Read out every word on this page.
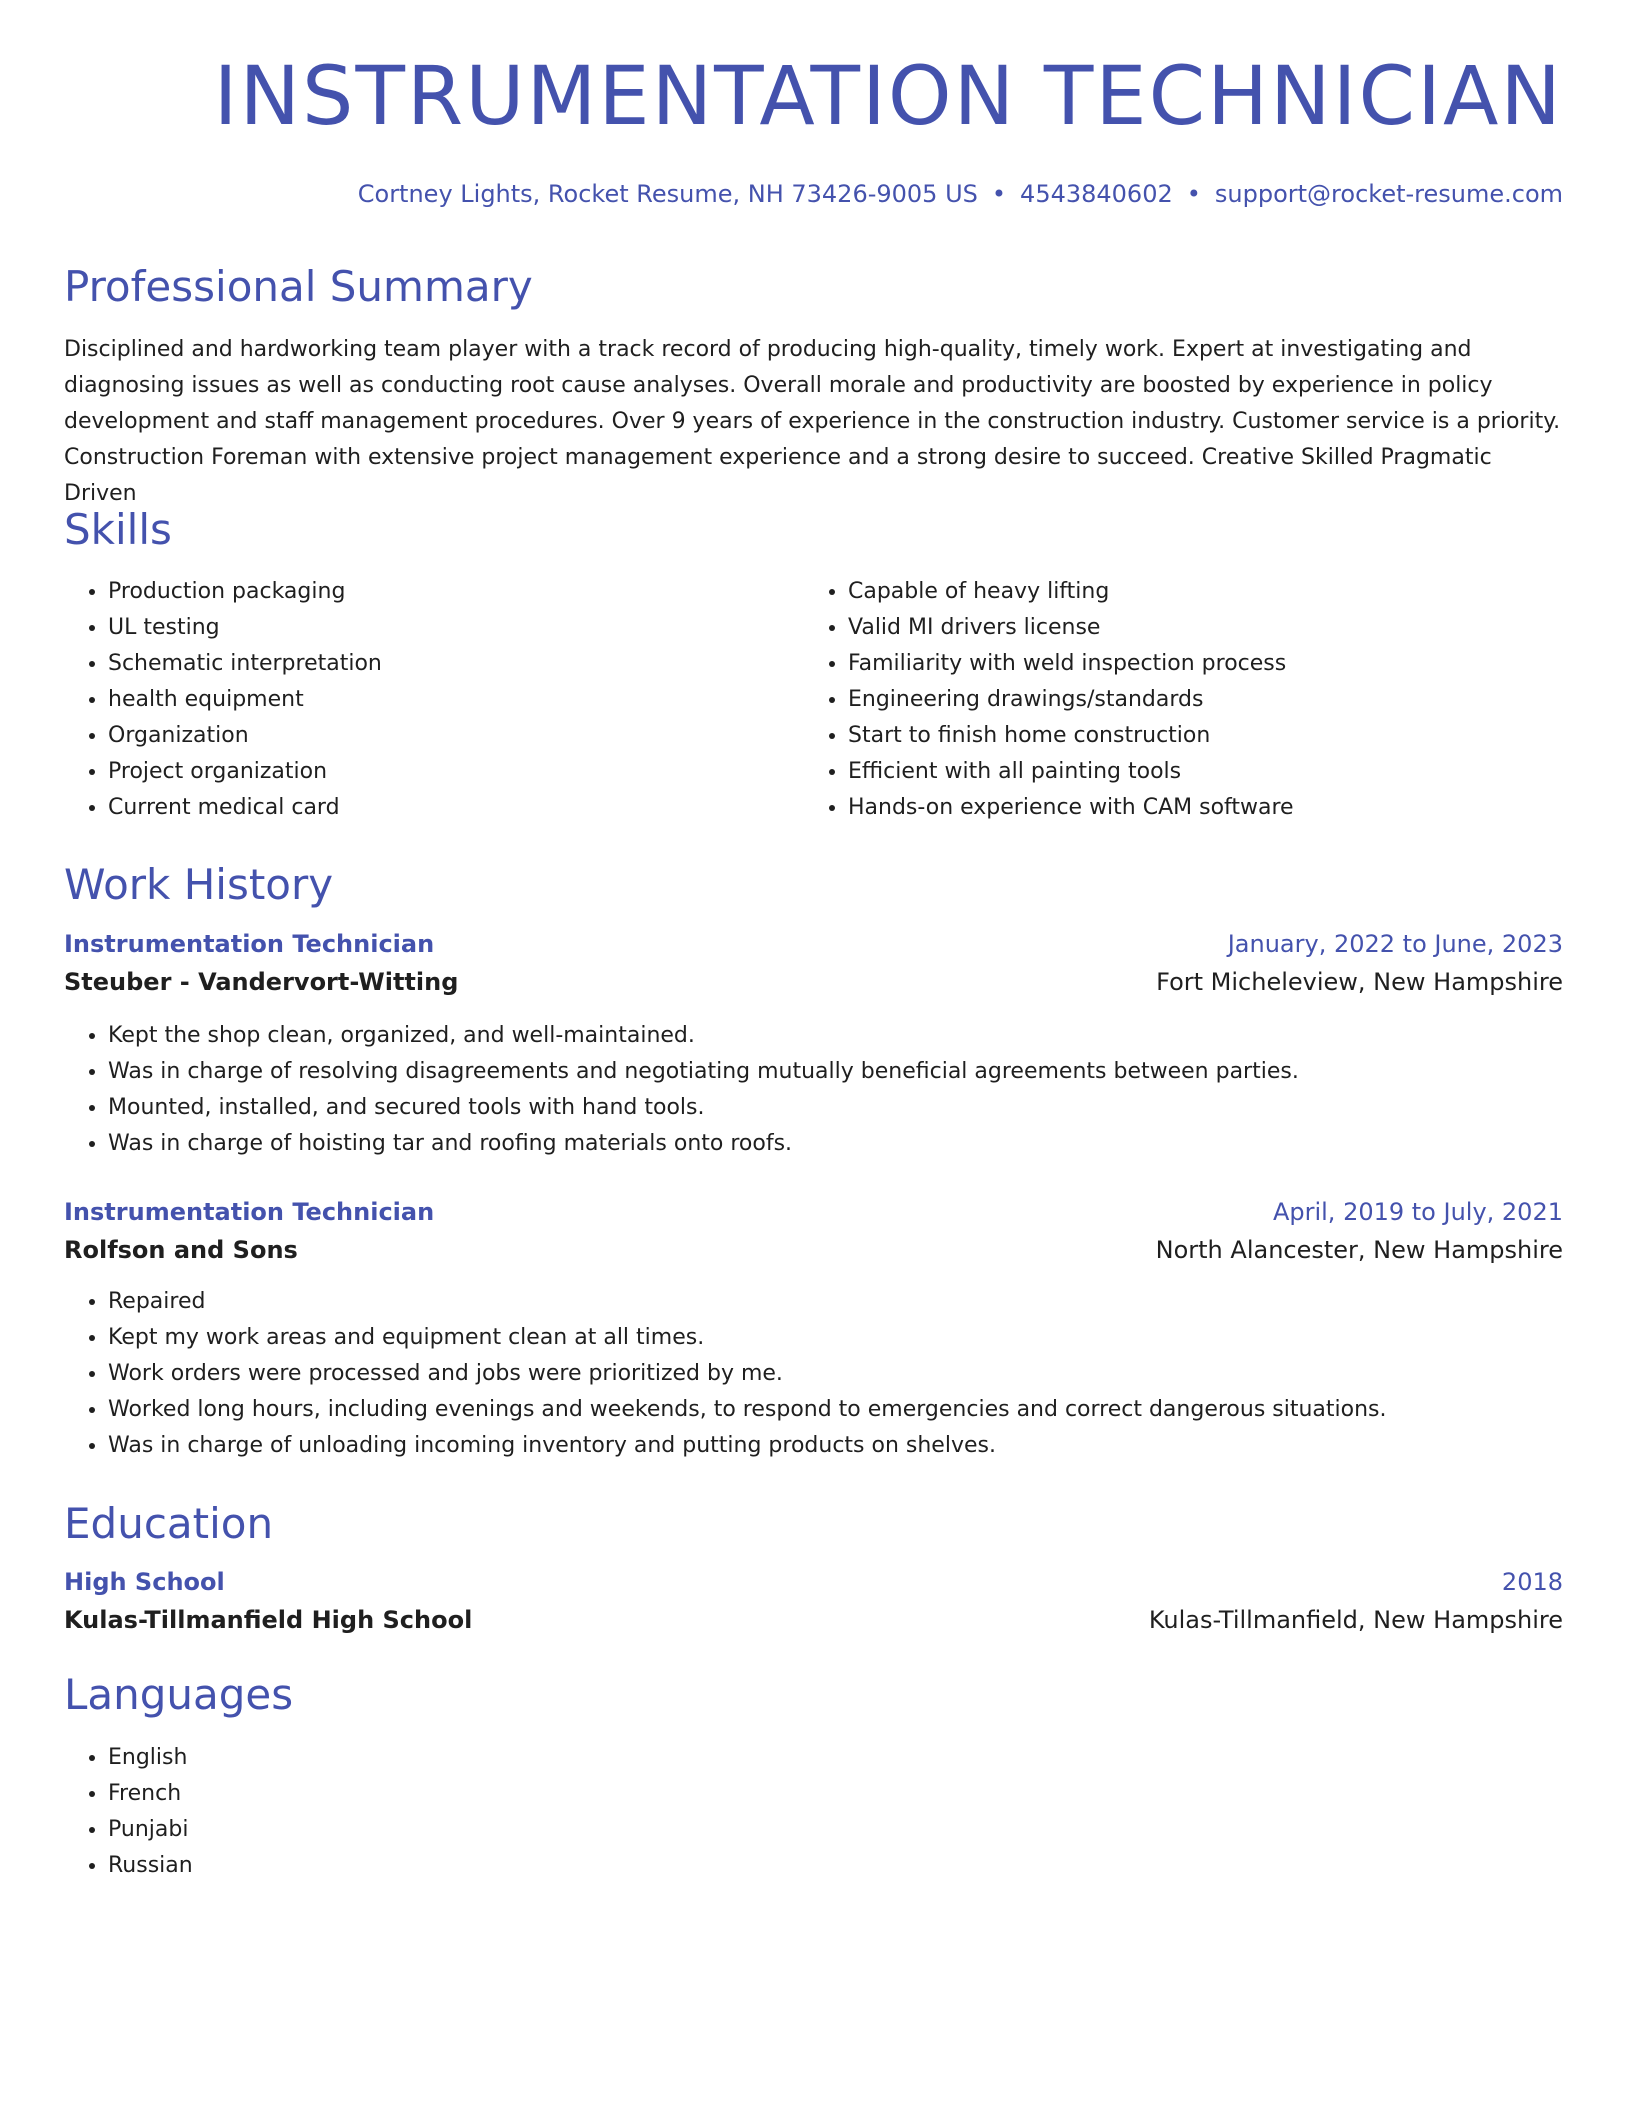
INSTRUMENTATION TECHNICIAN
Cortney Lights, Rocket Resume, NH 73426-9005 US • 4543840602 • support@rocket-resume.com
Professional Summary

Disciplined and hardworking team player with a track record of producing high-quality, timely work. Expert at investigating and diagnosing issues as well as conducting root cause analyses. Overall morale and productivity are boosted by experience in policy development and staff management procedures. Over 9 years of experience in the construction industry. Customer service is a priority. Construction Foreman with extensive project management experience and a strong desire to succeed. Creative Skilled Pragmatic Driven

Skills
• Production packaging
• UL testing
• Schematic interpretation
• health equipment
• Organization
• Project organization
• Current medical card
• Capable of heavy lifting
• Valid MI drivers license
• Familiarity with weld inspection process
• Engineering drawings/standards
• Start to finish home construction
• Efficient with all painting tools
• Hands-on experience with CAM software
Work History
Instrumentation Technician	January, 2022 to June, 2023
Steuber - Vandervort-Witting	Fort Micheleview, New Hampshire
• Kept the shop clean, organized, and well-maintained.
• Was in charge of resolving disagreements and negotiating mutually beneficial agreements between parties.
• Mounted, installed, and secured tools with hand tools.
• Was in charge of hoisting tar and roofing materials onto roofs.
Instrumentation Technician	April, 2019 to July, 2021
Rolfson and Sons	North Alancester, New Hampshire
• Repaired
• Kept my work areas and equipment clean at all times.
• Work orders were processed and jobs were prioritized by me.
• Worked long hours, including evenings and weekends, to respond to emergencies and correct dangerous situations.
• Was in charge of unloading incoming inventory and putting products on shelves.
Education
High School	2018
Kulas-Tillmanfield High School	Kulas-Tillmanfield, New Hampshire
Languages
• English
• French
• Punjabi
• Russian
